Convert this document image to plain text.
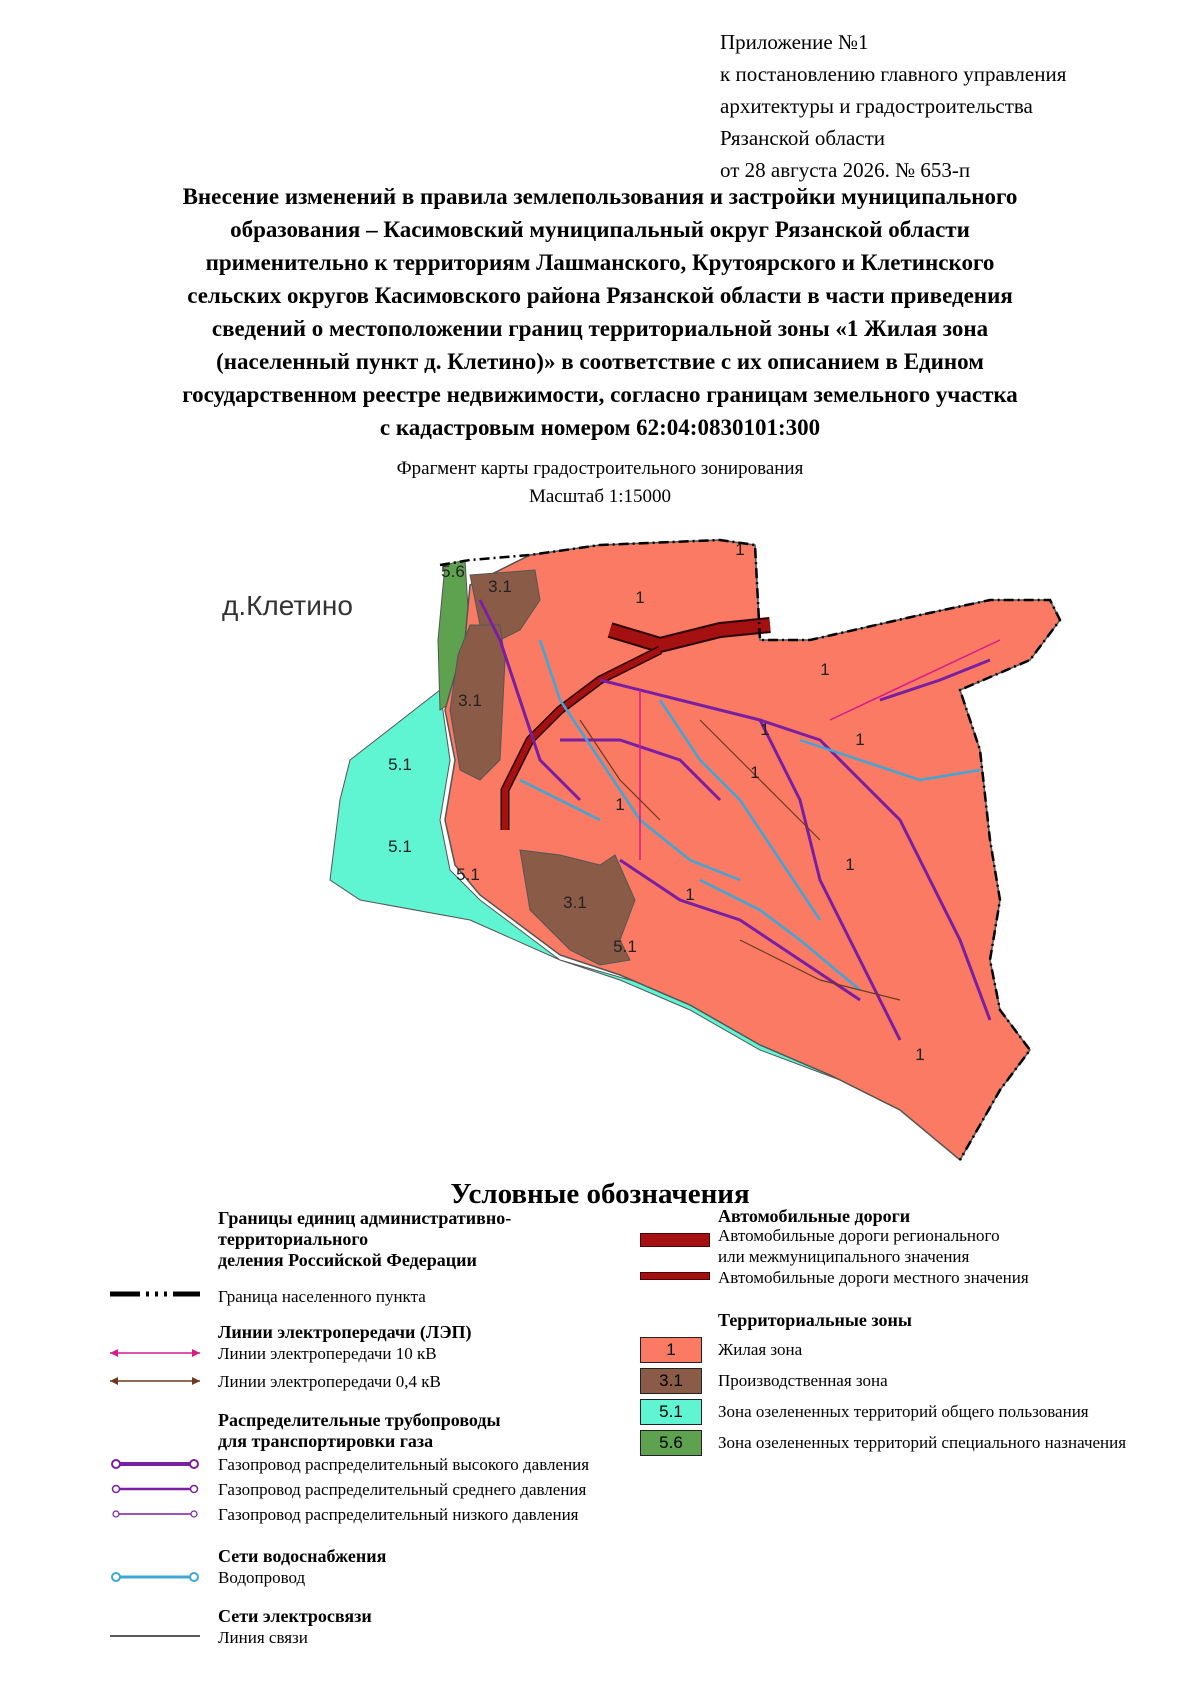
Приложение №1
к постановлению главного управления
архитектуры и градостроительства
Рязанской области
от 28 августа 2026. № 653-п
Внесение изменений в правила землепользования и застройки муниципального
образования – Касимовский муниципальный округ Рязанской области
применительно к территориям Лашманского, Крутоярского и Клетинского
сельских округов Касимовского района Рязанской области в части приведения
сведений о местоположении границ территориальной зоны «1 Жилая зона
(населенный пункт д. Клетино)» в соответствие с их описанием в Едином
государственном реестре недвижимости, согласно границам земельного участка
с кадастровым номером 62:04:0830101:300
Фрагмент карты градостроительного зонирования
Масштаб 1:15000
5.6
3.1
3.1
3.1
5.1
5.1
5.1
5.1
1
1
1
1
1
1
1
1
1
1
д.Клетино
Условные обозначения
Границы единиц административно-
территориального
деления Российской Федерации
Граница населенного пункта
Линии электропередачи (ЛЭП)
Линии электропередачи 10 кВ
Линии электропередачи 0,4 кВ
Распределительные трубопроводы
для транспортировки газа
Газопровод распределительный высокого давления
Газопровод распределительный среднего давления
Газопровод распределительный низкого давления
Сети водоснабжения
Водопровод
Сети электросвязи
Линия связи
Автомобильные дороги
Автомобильные дороги регионального
или межмуниципального значения
Автомобильные дороги местного значения
Территориальные зоны
1	Жилая зона
3.1	Производственная зона
5.1	Зона озелененных территорий общего пользования
5.6	Зона озелененных территорий специального назначения
